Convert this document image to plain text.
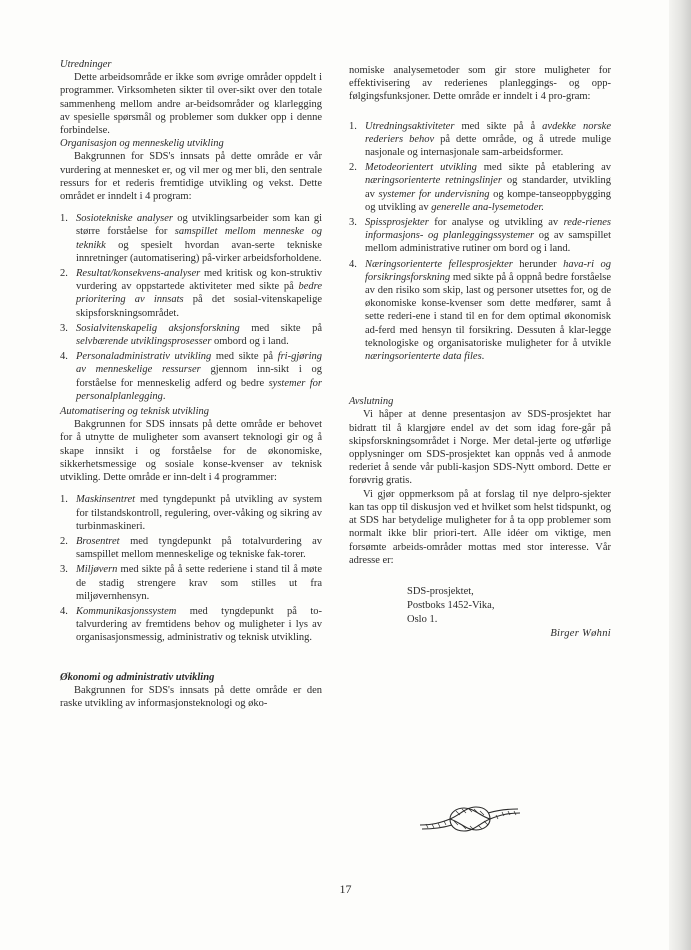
Utredninger

Dette arbeidsområde er ikke som øvrige områder oppdelt i programmer. Virksomheten sikter til over-sikt over den totale sammenheng mellom andre ar-beidsområder og klarlegging av spesielle spørsmål og problemer som dukker opp i denne forbindelse.

Organisasjon og menneskelig utvikling

Bakgrunnen for SDS's innsats på dette område er vår vurdering at mennesket er, og vil mer og mer bli, den sentrale ressurs for et rederis fremtidige utvikling og vekst. Dette området er inndelt i 4 program:

1. Sosiotekniske analyser og utviklingsarbeider som kan gi større forståelse for samspillet mellom menneske og teknikk og spesielt hvordan avan-serte tekniske innretninger (automatisering) på-virker arbeidsforholdene.
2. Resultat/konsekvens-analyser med kritisk og kon-struktiv vurdering av oppstartede aktiviteter med sikte på bedre prioritering av innsats på det sosial-vitenskapelige skipsforskningsområdet.
3. Sosialvitenskapelig aksjonsforskning med sikte på selvbærende utviklingsprosesser ombord og i land.
4. Personaladministrativ utvikling med sikte på fri-gjøring av menneskelige ressurser gjennom inn-sikt i og forståelse for menneskelig adferd og bedre systemer for personalplanlegging.

Automatisering og teknisk utvikling

Bakgrunnen for SDS innsats på dette område er behovet for å utnytte de muligheter som avansert teknologi gir og å skape innsikt i og forståelse for de økonomiske, sikkerhetsmessige og sosiale konse-kvenser av teknisk utvikling. Dette område er inn-delt i 4 programmer:

1. Maskinsentret med tyngdepunkt på utvikling av system for tilstandskontroll, regulering, over-våking og sikring av turbinmaskineri.
2. Brosentret med tyngdepunkt på totalvurdering av samspillet mellom menneskelige og tekniske fak-torer.
3. Miljøvern med sikte på å sette rederiene i stand til å møte de stadig strengere krav som stilles ut fra miljøvernhensyn.
4. Kommunikasjonssystem med tyngdepunkt på to-talvurdering av fremtidens behov og muligheter i lys av organisasjonsmessig, administrativ og teknisk utvikling.

Økonomi og administrativ utvikling

Bakgrunnen for SDS's innsats på dette område er den raske utvikling av informasjonsteknologi og øko-

nomiske analysemetoder som gir store muligheter for effektivisering av rederienes planleggings- og opp-følgingsfunksjoner. Dette område er inndelt i 4 pro-gram:

1. Utredningsaktiviteter med sikte på å avdekke norske rederiers behov på dette område, og å utrede mulige nasjonale og internasjonale sam-arbeidsformer.
2. Metodeorientert utvikling med sikte på etablering av næringsorienterte retningslinjer og standarder, utvikling av systemer for undervisning og kompe-tanseoppbygging og utvikling av generelle ana-lysemetoder.
3. Spissprosjekter for analyse og utvikling av rede-rienes informasjons- og planleggingssystemer og av samspillet mellom administrative rutiner om bord og i land.
4. Næringsorienterte fellesprosjekter herunder hava-ri og forsikringsforskning med sikte på å oppnå bedre forståelse av den risiko som skip, last og personer utsettes for, og de økonomiske konse-kvenser som dette medfører, samt å sette rederi-ene i stand til en for dem optimal økonomisk ad-ferd med hensyn til forsikring. Dessuten å klar-legge teknologiske og organisatoriske muligheter for å utvikle næringsorienterte data files.

Avslutning

Vi håper at denne presentasjon av SDS-prosjektet har bidratt til å klargjøre endel av det som idag fore-går på skipsforskningsområdet i Norge. Mer detal-jerte og utførlige opplysninger om SDS-prosjektet kan oppnås ved å anmode rederiet å sende vår publi-kasjon SDS-Nytt ombord. Dette er forøvrig gratis.

Vi gjør oppmerksom på at forslag til nye delpro-sjekter kan tas opp til diskusjon ved et hvilket som helst tidspunkt, og at SDS har betydelige muligheter for å ta opp problemer som normalt ikke blir priori-tert. Alle idéer om viktige, men forsømte arbeids-områder mottas med stor interesse. Vår adresse er:

SDS-prosjektet,
Postboks 1452-Vika,
Oslo 1.

Birger Wøhni

17
